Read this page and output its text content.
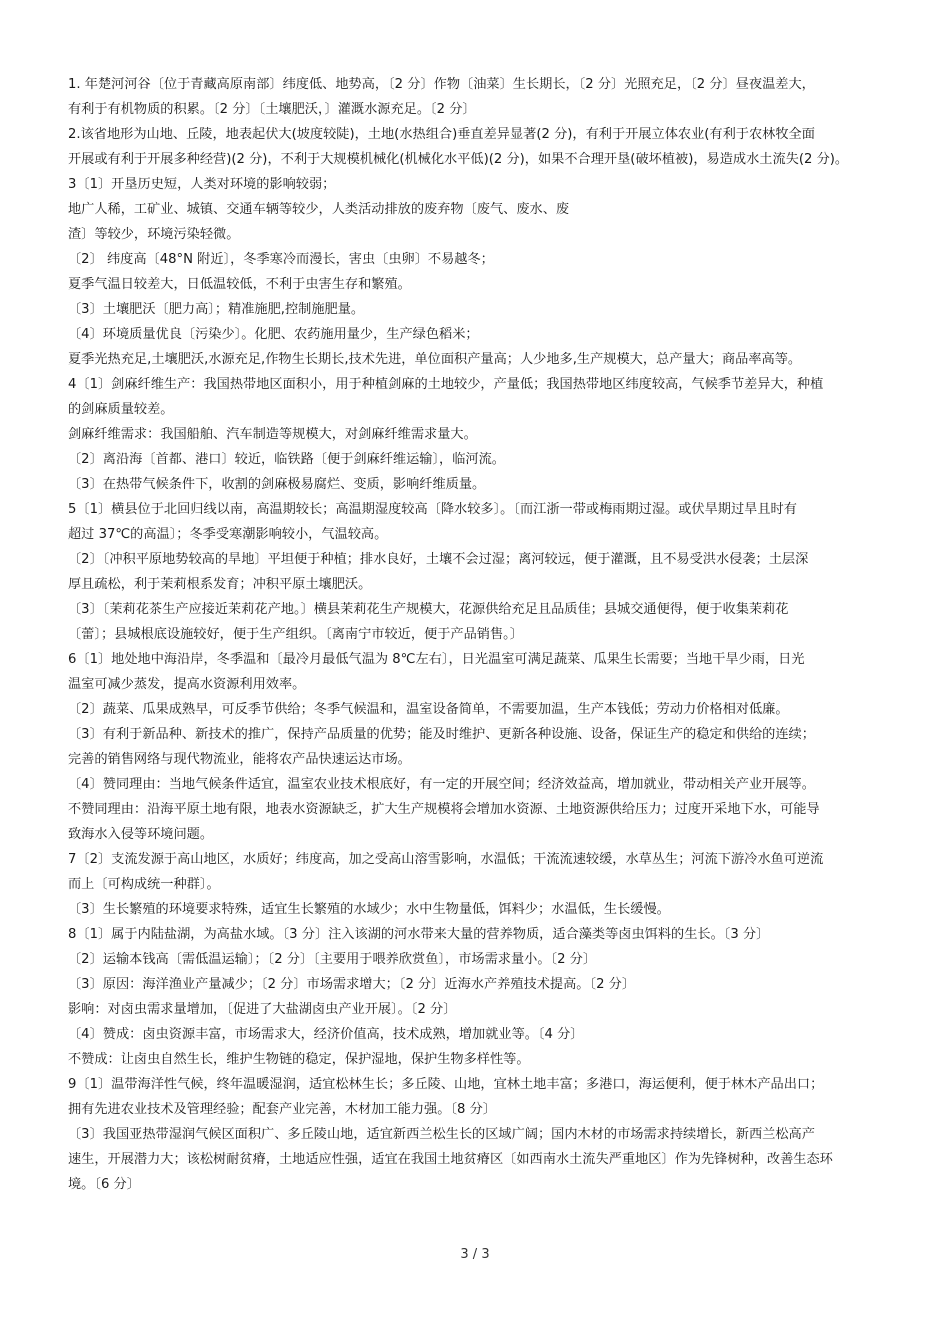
1. 年楚河河谷〔位于青藏高原南部〕纬度低、地势高，〔2 分〕作物〔油菜〕生长期长，〔2 分〕光照充足，〔2 分〕昼夜温差大，
有利于有机物质的积累。〔2 分〕〔土壤肥沃，〕灌溉水源充足。〔2 分〕
2.该省地形为山地、丘陵，地表起伏大(坡度较陡)，土地(水热组合)垂直差异显著(2 分)，有利于开展立体农业(有利于农林牧全面
开展或有利于开展多种经营)(2 分)，不利于大规模机械化(机械化水平低)(2 分)，如果不合理开垦(破坏植被)，易造成水土流失(2 分)。
3〔1〕开垦历史短，人类对环境的影响较弱；
地广人稀，工矿业、城镇、交通车辆等较少，人类活动排放的废弃物〔废气、废水、废
渣〕等较少，环境污染轻微。
〔2〕 纬度高〔48°N 附近〕，冬季寒冷而漫长，害虫〔虫卵〕不易越冬；
夏季气温日较差大，日低温较低，不利于虫害生存和繁殖。
〔3〕土壤肥沃〔肥力高〕；精准施肥,控制施肥量。
〔4〕环境质量优良〔污染少〕。化肥、农药施用量少，生产绿色稻米；
夏季光热充足,土壤肥沃,水源充足,作物生长期长,技术先进，单位面积产量高；人少地多,生产规模大，总产量大；商品率高等。
4〔1〕剑麻纤维生产：我国热带地区面积小，用于种植剑麻的土地较少，产量低；我国热带地区纬度较高，气候季节差异大，种植
的剑麻质量较差。
剑麻纤维需求：我国船舶、汽车制造等规模大，对剑麻纤维需求量大。
〔2〕离沿海〔首都、港口〕较近，临铁路〔便于剑麻纤维运输〕，临河流。
〔3〕在热带气候条件下，收割的剑麻极易腐烂、变质，影响纤维质量。
5〔1〕横县位于北回归线以南，高温期较长；高温期湿度较高〔降水较多〕。〔而江浙一带或梅雨期过湿。或伏旱期过旱且时有
超过 37℃的高温〕；冬季受寒潮影响较小，气温较高。
〔2〕〔冲积平原地势较高的旱地〕平坦便于种植；排水良好，土壤不会过湿；离河较远，便于灌溉，且不易受洪水侵袭；土层深
厚且疏松，利于茉莉根系发育；冲积平原土壤肥沃。
〔3〕〔茉莉花茶生产应接近茉莉花产地。〕横县茉莉花生产规模大，花源供给充足且品质佳；县城交通便得，便于收集茉莉花
〔蕾〕；县城根底设施较好，便于生产组织。〔离南宁市较近，便于产品销售。〕
6〔1〕地处地中海沿岸，冬季温和〔最冷月最低气温为 8℃左右〕，日光温室可满足蔬菜、瓜果生长需要；当地干旱少雨，日光
温室可减少蒸发，提高水资源利用效率。
〔2〕蔬菜、瓜果成熟早，可反季节供给；冬季气候温和，温室设备简单，不需要加温，生产本钱低；劳动力价格相对低廉。
〔3〕有利于新品种、新技术的推广，保持产品质量的优势；能及时维护、更新各种设施、设备，保证生产的稳定和供给的连续；
完善的销售网络与现代物流业，能将农产品快速运达市场。
〔4〕赞同理由：当地气候条件适宜，温室农业技术根底好，有一定的开展空间；经济效益高，增加就业，带动相关产业开展等。
不赞同理由：沿海平原土地有限，地表水资源缺乏，扩大生产规模将会增加水资源、土地资源供给压力；过度开采地下水，可能导
致海水入侵等环境问题。
7〔2〕支流发源于高山地区，水质好；纬度高，加之受高山溶雪影响，水温低；干流流速较缓，水草丛生；河流下游冷水鱼可逆流
而上〔可构成统一种群〕。
〔3〕生长繁殖的环境要求特殊，适宜生长繁殖的水域少；水中生物量低，饵料少；水温低，生长缓慢。
8〔1〕属于内陆盐湖，为高盐水域。〔3 分〕注入该湖的河水带来大量的营养物质，适合藻类等卤虫饵料的生长。〔3 分〕
〔2〕运输本钱高〔需低温运输〕；〔2 分〕〔主要用于喂养欣赏鱼〕，市场需求量小。〔2 分〕
〔3〕原因：海洋渔业产量减少；〔2 分〕市场需求增大；〔2 分〕近海水产养殖技术提高。〔2 分〕
影响：对卤虫需求量增加，〔促进了大盐湖卤虫产业开展〕。〔2 分〕
〔4〕赞成：卤虫资源丰富，市场需求大，经济价值高，技术成熟，增加就业等。〔4 分〕
不赞成：让卤虫自然生长，维护生物链的稳定，保护湿地，保护生物多样性等。
9〔1〕温带海洋性气候，终年温暖湿润，适宜松林生长；多丘陵、山地，宜林土地丰富；多港口，海运便利，便于林木产品出口；
拥有先进农业技术及管理经验；配套产业完善，木材加工能力强。〔8 分〕
〔3〕我国亚热带湿润气候区面积广、多丘陵山地，适宜新西兰松生长的区域广阔；国内木材的市场需求持续增长，新西兰松高产
速生，开展潜力大；该松树耐贫瘠，土地适应性强，适宜在我国土地贫瘠区〔如西南水土流失严重地区〕作为先锋树种，改善生态环
境。〔6 分〕
3 / 3
